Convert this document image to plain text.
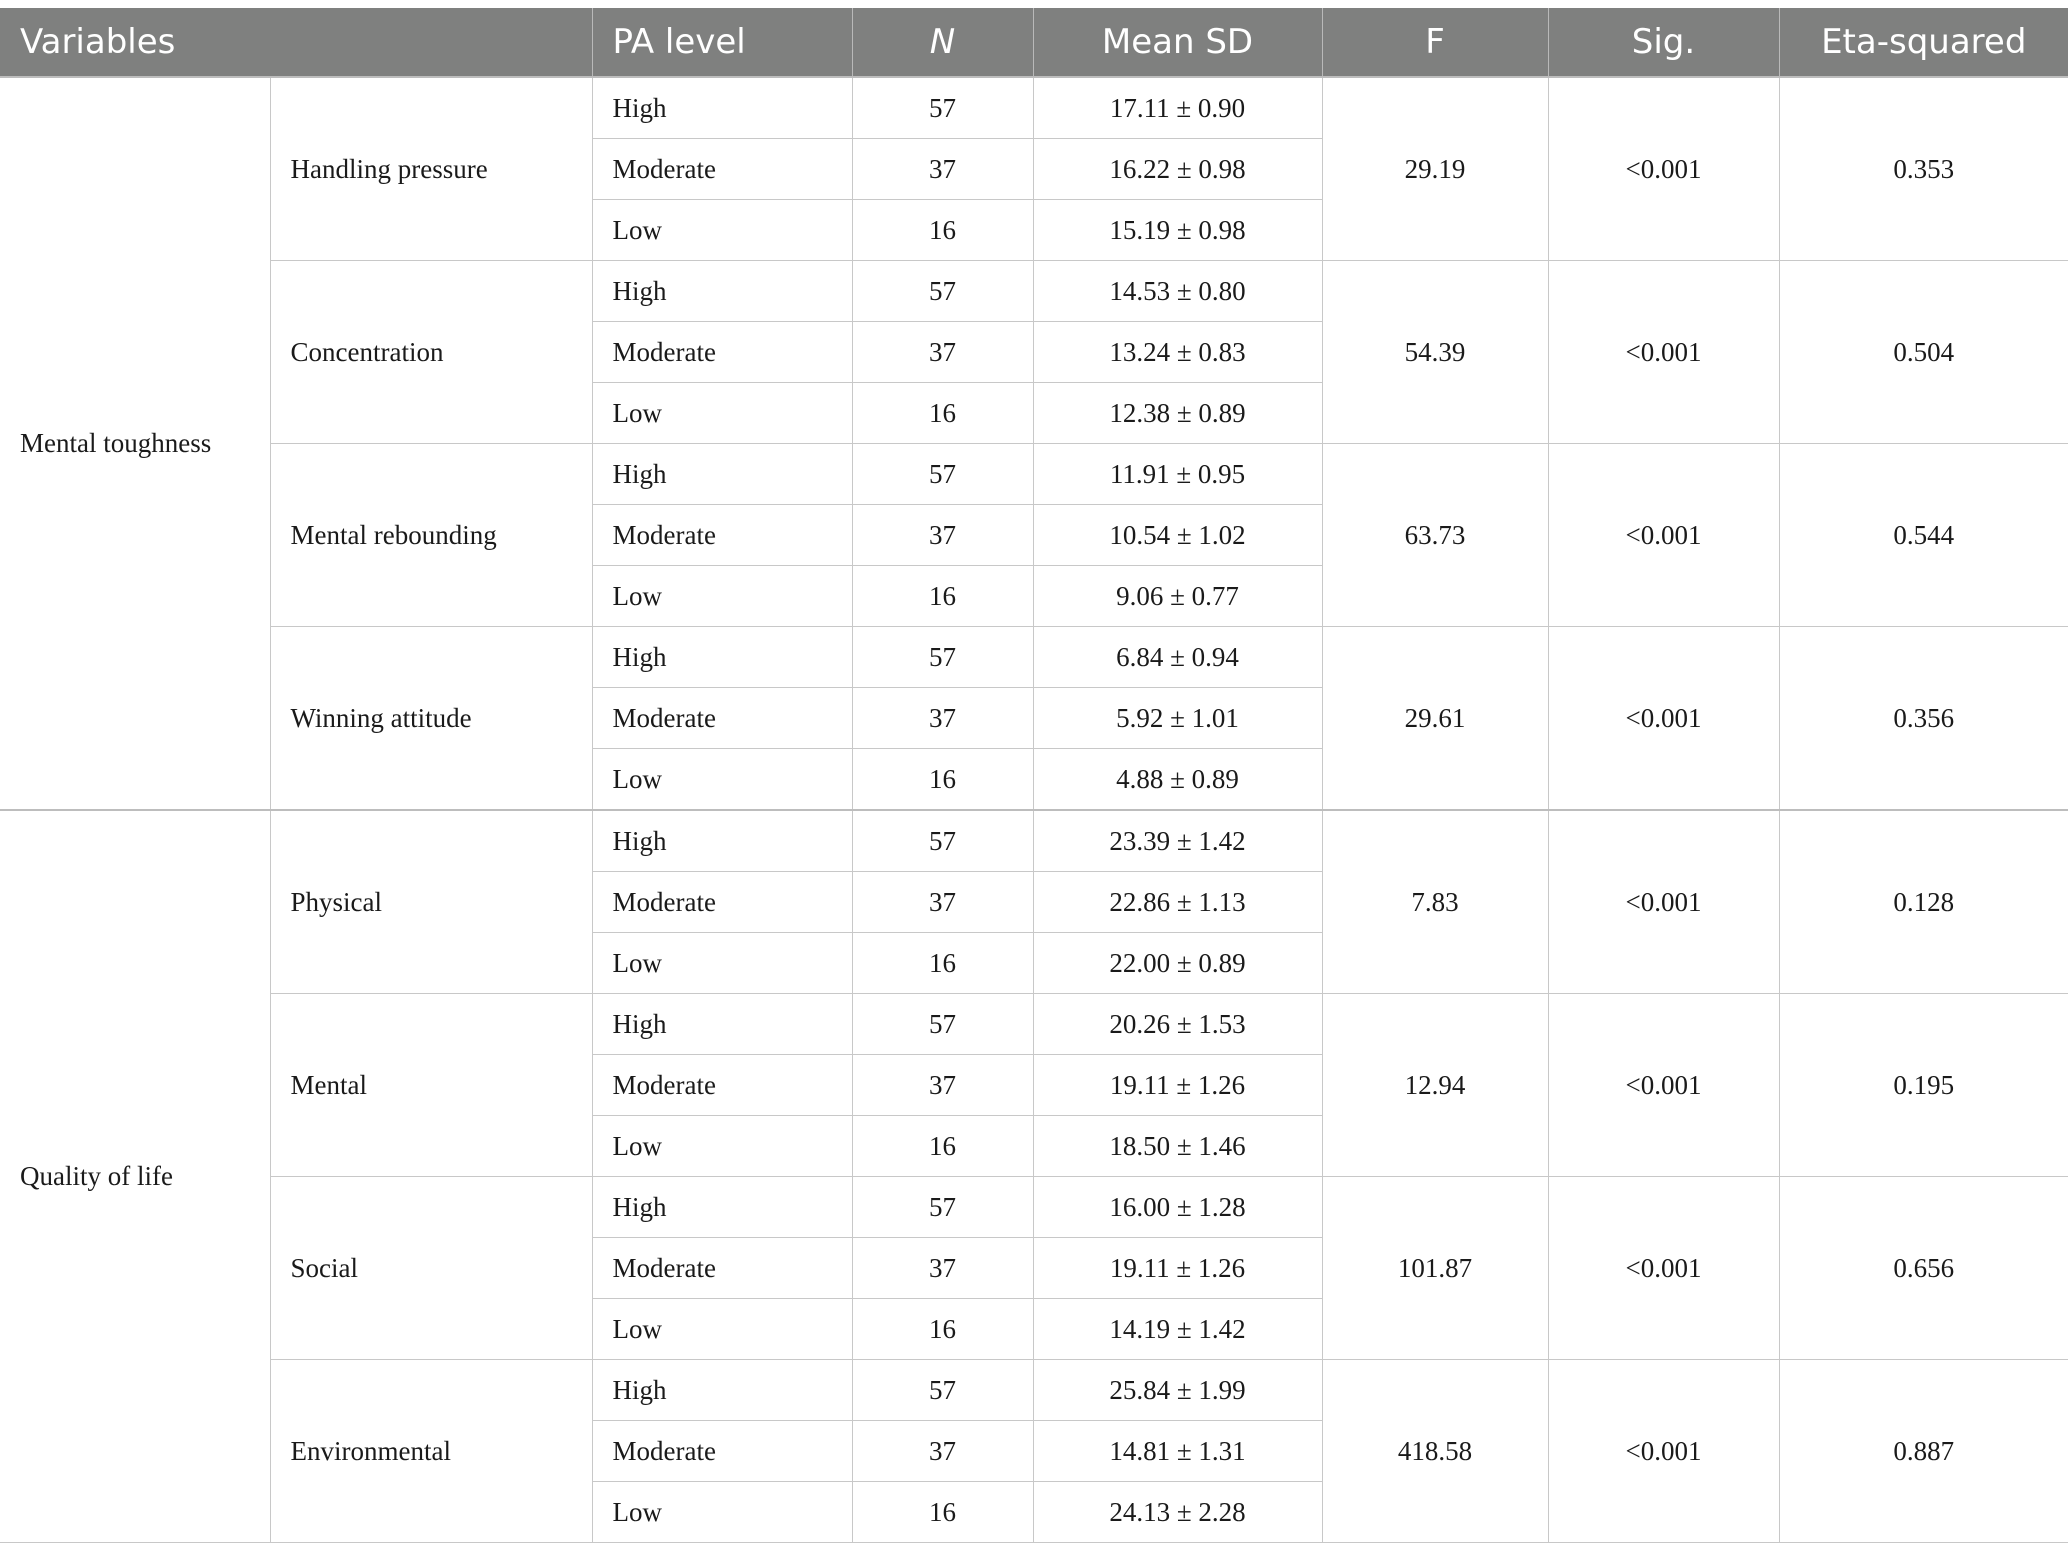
Variables		PA level	N	Mean SD	F	Sig.	Eta-squared
Mental toughness	Handling pressure	High	57	17.11 ± 0.90	29.19	<0.001	0.353
		Moderate	37	16.22 ± 0.98			
		Low	16	15.19 ± 0.98			
	Concentration	High	57	14.53 ± 0.80	54.39	<0.001	0.504
		Moderate	37	13.24 ± 0.83			
		Low	16	12.38 ± 0.89			
	Mental rebounding	High	57	11.91 ± 0.95	63.73	<0.001	0.544
		Moderate	37	10.54 ± 1.02			
		Low	16	9.06 ± 0.77			
	Winning attitude	High	57	6.84 ± 0.94	29.61	<0.001	0.356
		Moderate	37	5.92 ± 1.01			
		Low	16	4.88 ± 0.89			
Quality of life	Physical	High	57	23.39 ± 1.42	7.83	<0.001	0.128
		Moderate	37	22.86 ± 1.13			
		Low	16	22.00 ± 0.89			
	Mental	High	57	20.26 ± 1.53	12.94	<0.001	0.195
		Moderate	37	19.11 ± 1.26			
		Low	16	18.50 ± 1.46			
	Social	High	57	16.00 ± 1.28	101.87	<0.001	0.656
		Moderate	37	19.11 ± 1.26			
		Low	16	14.19 ± 1.42			
	Environmental	High	57	25.84 ± 1.99	418.58	<0.001	0.887
		Moderate	37	14.81 ± 1.31			
		Low	16	24.13 ± 2.28			
